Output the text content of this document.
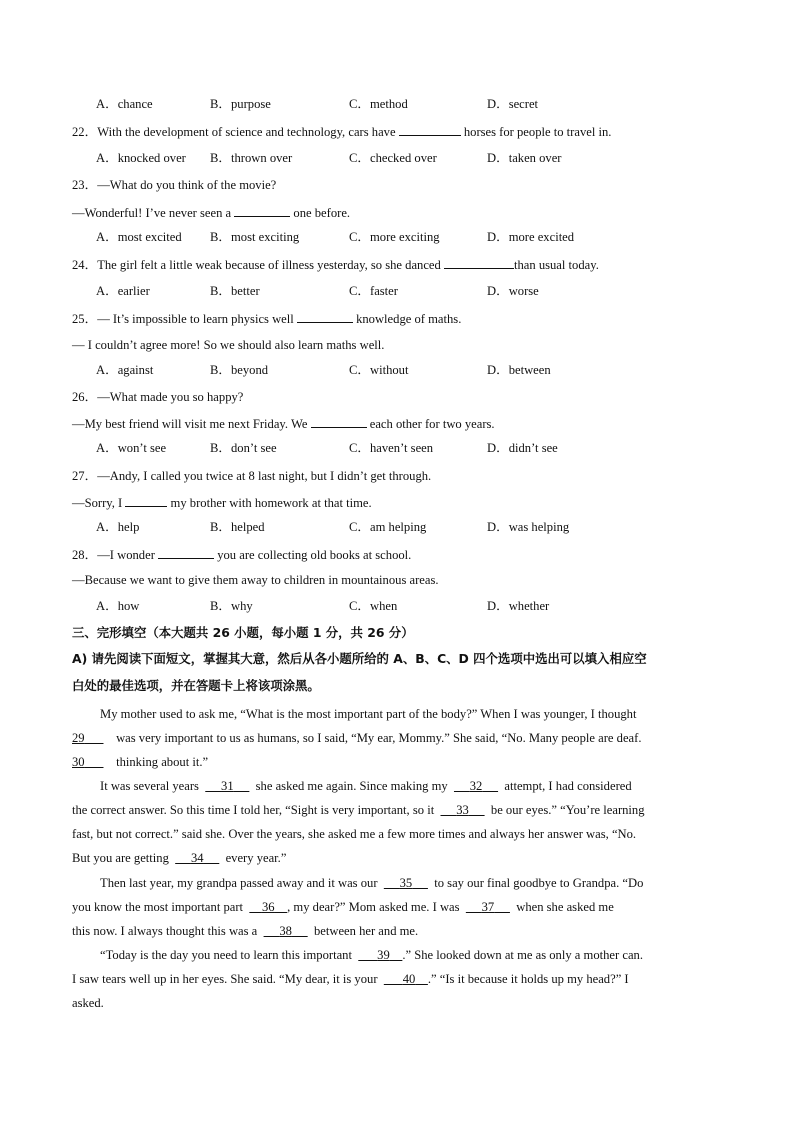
A．chance	B．purpose	C．method	D．secret
22．With the development of science and technology, cars have	horses for people to travel in.
A．knocked over B．thrown over	C．checked over	D．taken over
23．—What do you think of the movie?
—Wonderful! I’ve never seen a	one before.
A．most excited B．most exciting	C．more exciting	D．more excited
24．The girl felt a little weak because of illness yesterday, so she danced	than usual today.
A．earlier	B．better	C．faster	D．worse
25．— It’s impossible to learn physics well	knowledge of maths.
— I couldn’t agree more! So we should also learn maths well.
A．against	B．beyond	C．without	D．between
26．—What made you so happy?
—My best friend will visit me next Friday. We	each other for two years.
A．won’t see	B．don’t see	C．haven’t seen	D．didn’t see
27．—Andy, I called you twice at 8 last night, but I didn’t get through.
—Sorry, I	my brother with homework at that time.
A．help	B．helped	C．am helping	D．was helping
28．—I wonder	you are collecting old books at school.
—Because we want to give them away to children in mountainous areas.
A．how	B．why	C．when	D．whether
三、完形填空（本大题共 26 小题，每小题 1 分，共 26 分）
A) 请先阅读下面短文，掌握其大意，然后从各小题所给的 A、B、C、D 四个选项中选出可以填入相应空
白处的最佳选项，并在答题卡上将该项涂黑。
My mother used to ask me, “What is the most important part of the body?” When I was younger, I thought
29 was very important to us as humans, so I said, “My ear, Mommy.” She said, “No. Many people are deaf.
30 thinking about it.”
It was several years 31 she asked me again. Since making my 32 attempt, I had considered
the correct answer. So this time I told her, “Sight is very important, so it 33 be our eyes.” “You’re learning
fast, but not correct.” said she. Over the years, she asked me a few more times and always her answer was, “No.
But you are getting 34 every year.”
Then last year, my grandpa passed away and it was our 35 to say our final goodbye to Grandpa. “Do
you know the most important part 36 , my dear?” Mom asked me. I was 37 when she asked me
this now. I always thought this was a 38 between her and me.
“Today is the day you need to learn this important 39 .” She looked down at me as only a mother can.
I saw tears well up in her eyes. She said. “My dear, it is your 40 .” “Is it because it holds up my head?” I
asked.
